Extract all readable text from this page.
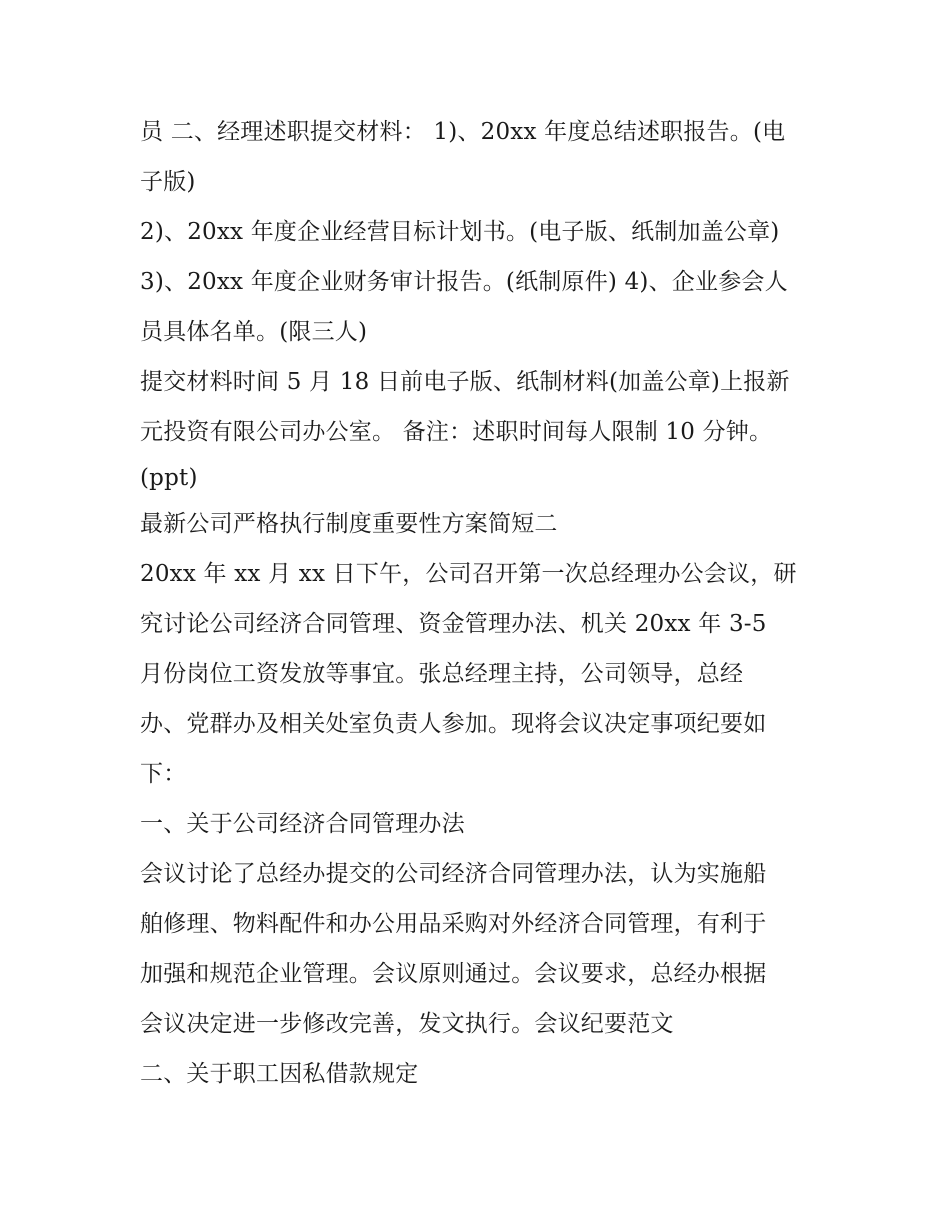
员 二、经理述职提交材料： 1)、20xx 年度总结述职报告。(电
子版)
2)、20xx 年度企业经营目标计划书。(电子版、纸制加盖公章)
3)、20xx 年度企业财务审计报告。(纸制原件) 4)、企业参会人
员具体名单。(限三人)
提交材料时间 5 月 18 日前电子版、纸制材料(加盖公章)上报新
元投资有限公司办公室。 备注：述职时间每人限制 10 分钟。
(ppt)
最新公司严格执行制度重要性方案简短二
20xx 年 xx 月 xx 日下午，公司召开第一次总经理办公会议，研
究讨论公司经济合同管理、资金管理办法、机关 20xx 年 3-5
月份岗位工资发放等事宜。张总经理主持，公司领导，总经
办、党群办及相关处室负责人参加。现将会议决定事项纪要如
下：
一、关于公司经济合同管理办法
会议讨论了总经办提交的公司经济合同管理办法，认为实施船
舶修理、物料配件和办公用品采购对外经济合同管理，有利于
加强和规范企业管理。会议原则通过。会议要求，总经办根据
会议决定进一步修改完善，发文执行。会议纪要范文
二、关于职工因私借款规定
